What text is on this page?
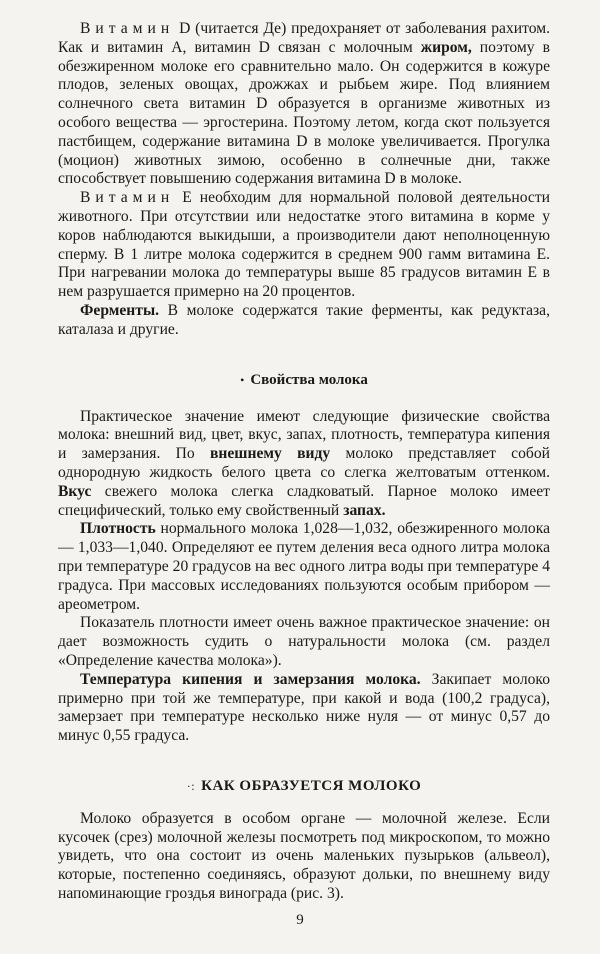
Витамин D (читается Де) предохраняет от заболевания рахитом. Как и витамин А, витамин D связан с молочным жиром, поэтому в обезжиренном молоке его сравнительно мало. Он содержится в кожуре плодов, зеленых овощах, дрожжах и рыбьем жире. Под влиянием солнечного света витамин D образуется в организме животных из особого вещества — эргостерина. Поэтому летом, когда скот пользуется пастбищем, содержание витамина D в молоке увеличивается. Прогулка (моцион) животных зимою, особенно в солнечные дни, также способствует повышению содержания витамина D в молоке.

Витамин Е необходим для нормальной половой деятельности животного. При отсутствии или недостатке этого витамина в корме у коров наблюдаются выкидыши, а производители дают неполноценную сперму. В 1 литре молока содержится в среднем 900 гамм витамина Е. При нагревании молока до температуры выше 85 градусов витамин Е в нем разрушается примерно на 20 процентов.

Ферменты. В молоке содержатся такие ферменты, как редуктаза, каталаза и другие.

• Свойства молока

Практическое значение имеют следующие физические свойства молока: внешний вид, цвет, вкус, запах, плотность, температура кипения и замерзания. По внешнему виду молоко представляет собой однородную жидкость белого цвета со слегка желтоватым оттенком. Вкус свежего молока слегка сладковатый. Парное молоко имеет специфический, только ему свойственный запах.

Плотность нормального молока 1,028—1,032, обезжиренного молока — 1,033—1,040. Определяют ее путем деления веса одного литра молока при температуре 20 градусов на вес одного литра воды при температуре 4 градуса. При массовых исследованиях пользуются особым прибором — ареометром.

Показатель плотности имеет очень важное практическое значение: он дает возможность судить о натуральности молока (см. раздел «Определение качества молока»).

Температура кипения и замерзания молока. Закипает молоко примерно при той же температуре, при какой и вода (100,2 градуса), замерзает при температуре несколько ниже нуля — от минус 0,57 до минус 0,55 градуса.

·: КАК ОБРАЗУЕТСЯ МОЛОКО

Молоко образуется в особом органе — молочной железе. Если кусочек (срез) молочной железы посмотреть под микроскопом, то можно увидеть, что она состоит из очень маленьких пузырьков (альвеол), которые, постепенно соединяясь, образуют дольки, по внешнему виду напоминающие гроздья винограда (рис. 3).

9
